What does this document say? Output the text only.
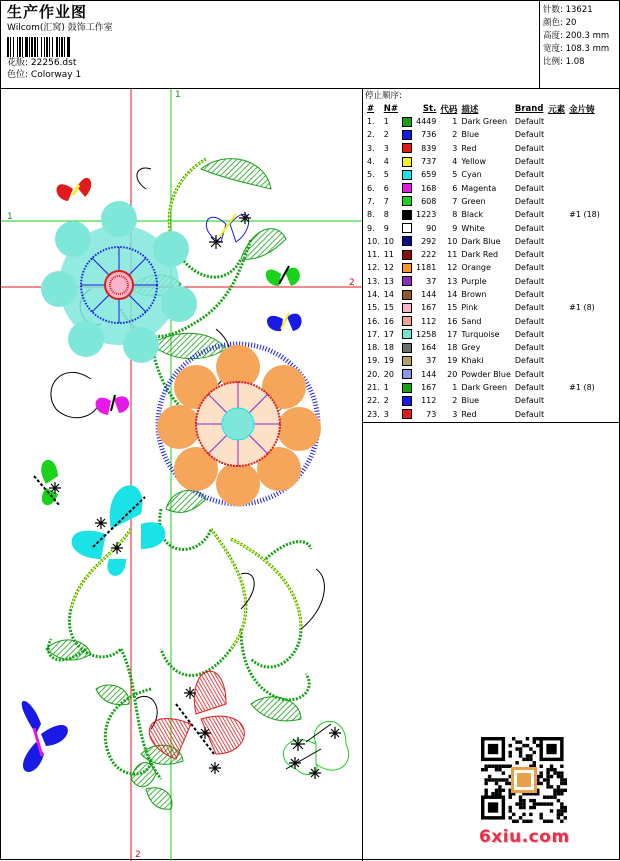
生产作业图
Wilcom(汇窝) 鼓饰工作室
花版: 22256.dst
色位: Colorway 1
针数: 13621
颜色: 20
高度: 200.3 mm
宽度: 108.3 mm
比例: 1.08
1
2
1
2
停止顺序:
#	N#		St.	代码	描述	Brand	元素	金片铸
1.	1		4449	1	Dark Green	Default		
2.	2		736	2	Blue	Default		
3.	3		839	3	Red	Default		
4.	4		737	4	Yellow	Default		
5.	5		659	5	Cyan	Default		
6.	6		168	6	Magenta	Default		
7.	7		608	7	Green	Default		
8.	8		1223	8	Black	Default		#1 (18)
9.	9		90	9	White	Default		
10.	10		292	10	Dark Blue	Default		
11.	11		222	11	Dark Red	Default		
12.	12		1181	12	Orange	Default		
13.	13		37	13	Purple	Default		
14.	14		144	14	Brown	Default		
15.	15		167	15	Pink	Default		#1 (8)
16.	16		112	16	Sand	Default		
17.	17		1258	17	Turquoise	Default		
18.	18		164	18	Grey	Default		
19.	19		37	19	Khaki	Default		
20.	20		144	20	Powder Blue	Default		
21.	1		167	1	Dark Green	Default		#1 (8)
22.	2		112	2	Blue	Default		
23.	3		73	3	Red	Default		
6xiu.com
